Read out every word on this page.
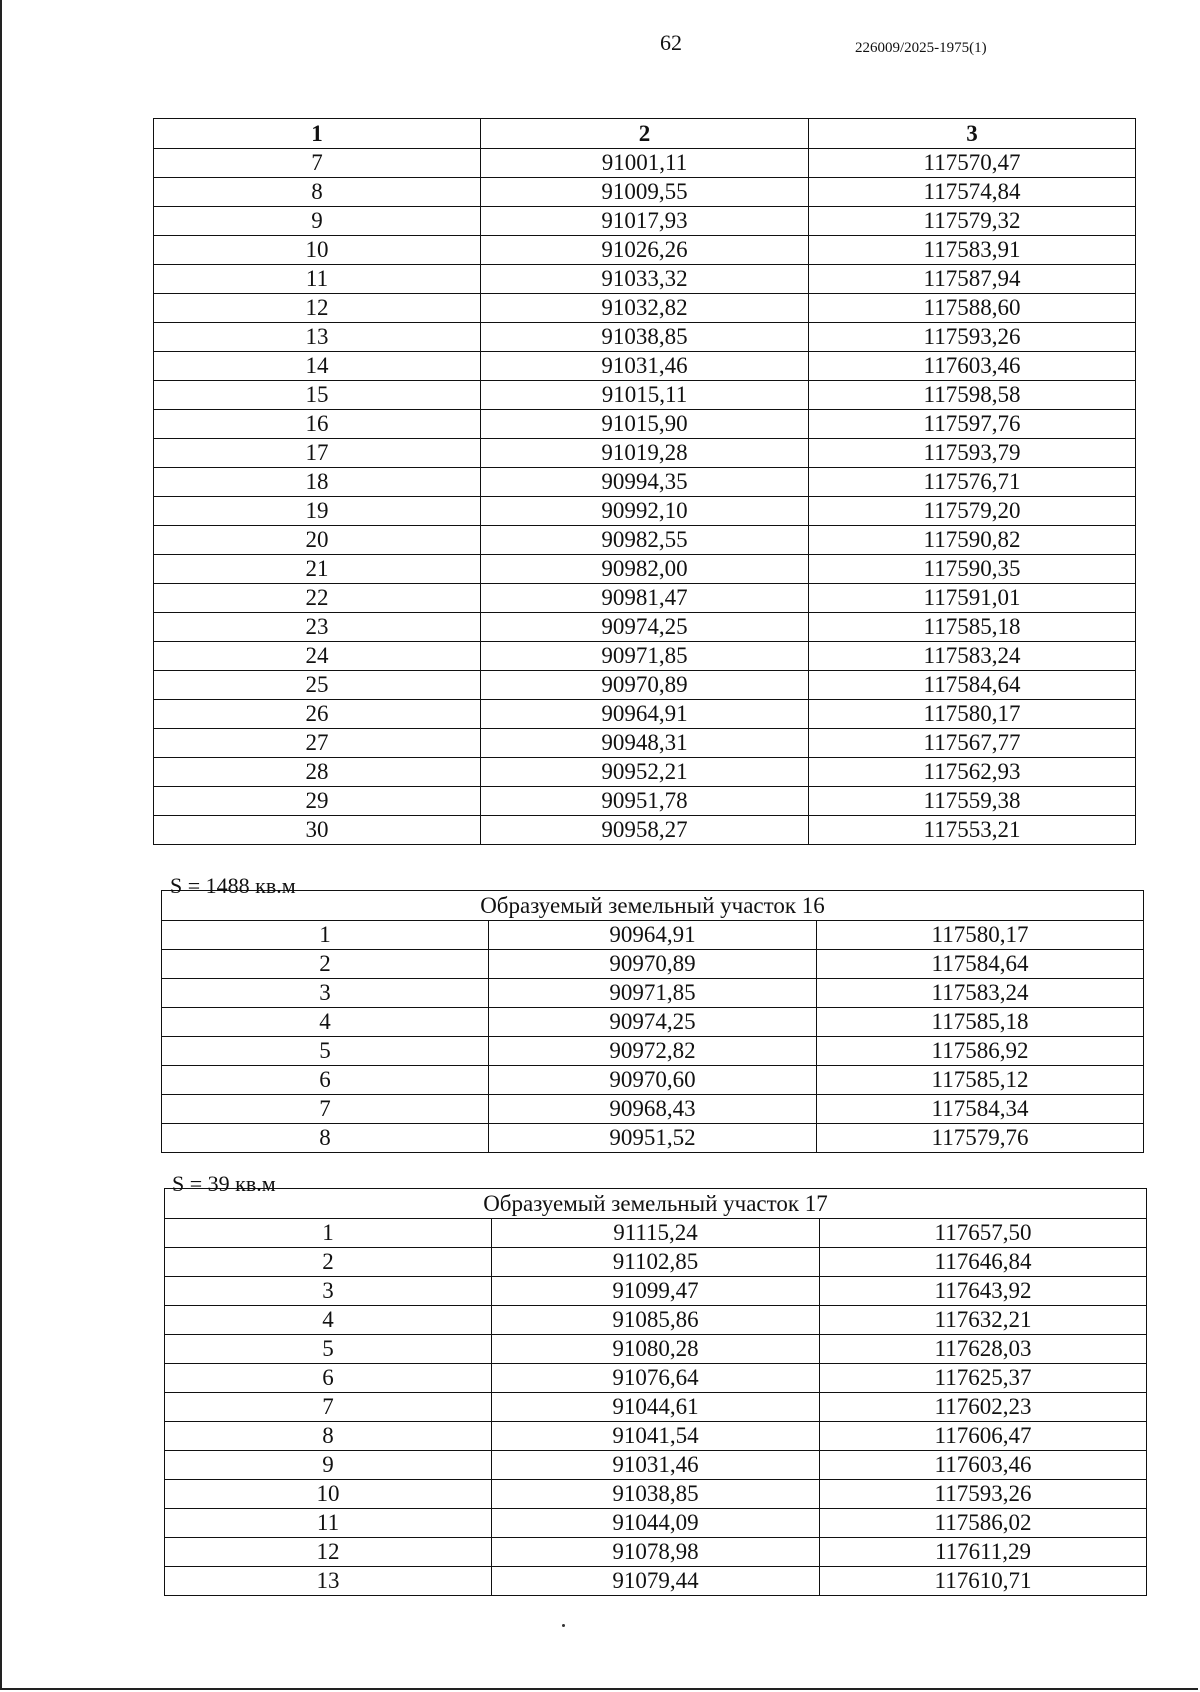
62	226009/2025-1975(1)
1	2	3
7	91001,11	117570,47
8	91009,55	117574,84
9	91017,93	117579,32
10	91026,26	117583,91
11	91033,32	117587,94
12	91032,82	117588,60
13	91038,85	117593,26
14	91031,46	117603,46
15	91015,11	117598,58
16	91015,90	117597,76
17	91019,28	117593,79
18	90994,35	117576,71
19	90992,10	117579,20
20	90982,55	117590,82
21	90982,00	117590,35
22	90981,47	117591,01
23	90974,25	117585,18
24	90971,85	117583,24
25	90970,89	117584,64
26	90964,91	117580,17
27	90948,31	117567,77
28	90952,21	117562,93
29	90951,78	117559,38
30	90958,27	117553,21
S = 1488 кв.м
Образуемый земельный участок 16		
1	90964,91	117580,17
2	90970,89	117584,64
3	90971,85	117583,24
4	90974,25	117585,18
5	90972,82	117586,92
6	90970,60	117585,12
7	90968,43	117584,34
8	90951,52	117579,76
S = 39 кв.м
Образуемый земельный участок 17		
1	91115,24	117657,50
2	91102,85	117646,84
3	91099,47	117643,92
4	91085,86	117632,21
5	91080,28	117628,03
6	91076,64	117625,37
7	91044,61	117602,23
8	91041,54	117606,47
9	91031,46	117603,46
10	91038,85	117593,26
11	91044,09	117586,02
12	91078,98	117611,29
13	91079,44	117610,71
